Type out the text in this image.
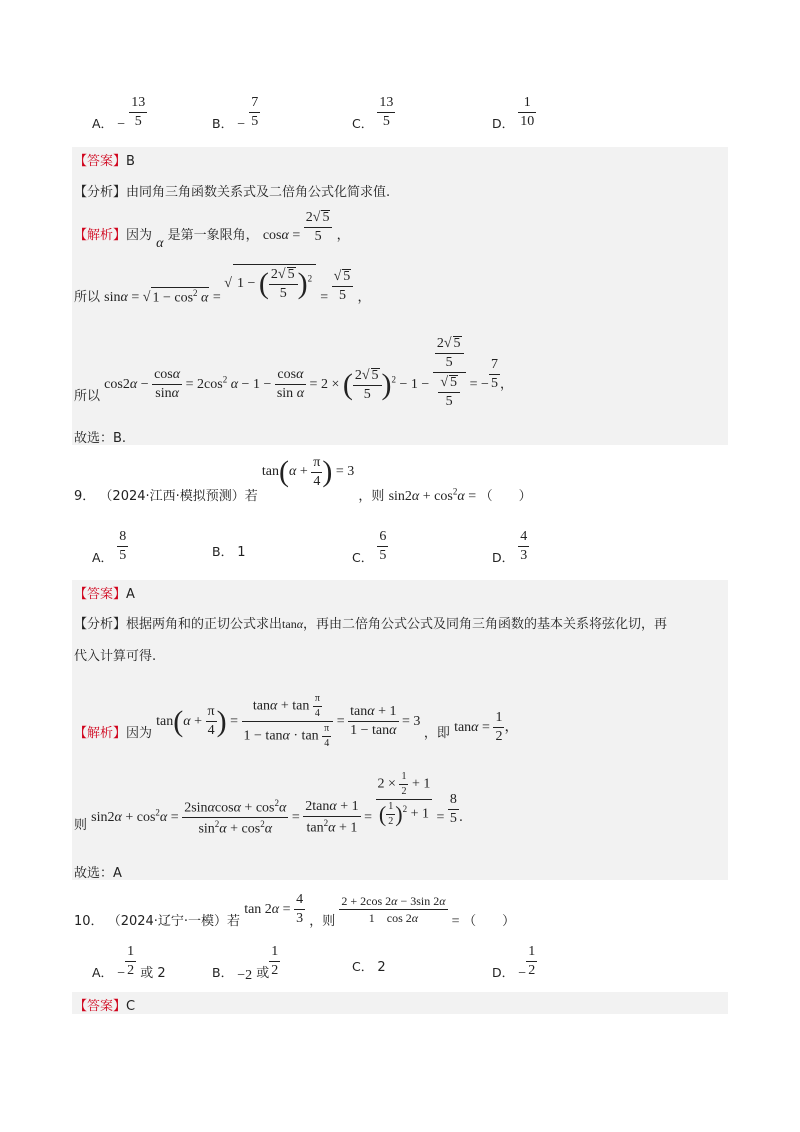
A． − $\frac{13}{5}$	B． − $\frac{7}{5}$	C． $\frac{13}{5}$	D． $\frac{1}{10}$
【答案】B
【分析】由同角三角函数关系式及二倍角公式化简求值.
【解析】因为 α 是第一象限角， $\cos\alpha = \frac{2√ 5}{5}$ ，
所以 sinα = √ $1 - \cos^2 \alpha$ = √ 1 − ( $\frac{2√ 5}{5} )^2 = \frac{√ 5}{5}$ ，
所以 $\cos 2\alpha - \frac{\cos\alpha}{\sin\alpha} = 2\cos^2$ $\alpha - 1 - \frac{\cos\alpha}{\text{sin α}} = 2$ × ( $\frac{2√ 5}{5} )^2 - 1 - \frac{\frac{2√ 5}{5}}{\frac{√ 5}{5}}$ = − $\frac{7}{5}$ ，
故选：B.
9． （2024·江西·模拟预测）若 $\tan(\alpha + \frac{\pi}{4}$ ) = 3 ，则 $\sin 2\alpha + \cos^2\alpha$ = （　　）
A． $\frac{8}{5}$	B． 1	C． $\frac{6}{5}$	D． $\frac{4}{3}$
【答案】A
【分析】根据两角和的正切公式求出tanα，再由二倍角公式公式及同角三角函数的基本关系将弦化切，再
代入计算可得.
【解析】因为 $\tan(\alpha + \frac{\pi}{4}$ ) = $\frac{\tan\alpha + \tan \frac{\pi}{4}}{1 - \tan\alpha \cdot \tan \frac{\pi}{4}} = \frac{\tan\alpha + 1}{1 - \tan\alpha} = 3$ ，即 $\tan\alpha = \frac{1}{2}$ ，
则 $\sin 2\alpha + \cos^2\alpha = \frac{2\sin\alpha\cos\alpha + \cos^2\alpha}{\sin^2\alpha + \cos^2\alpha} = \frac{2\tan\alpha + 1}{\tan^2\alpha + 1} = \frac{2 \times \frac{1}{2} + 1}{( \frac{1}{2} )^2 + 1} = \frac{8}{5}$ .
故选：A
10． （2024·辽宁·一模）若 $\tan 2\alpha = \frac{4}{3}$ ，则 $\frac{2 + 2\cos 2\alpha - 3\sin 2\alpha}{1 \cos 2\alpha}$ = （　　）
A． − $\frac{1}{2}$ 或 2	B． −2 或 $\frac{1}{2}$	C． 2	D． − $\frac{1}{2}$
【答案】C
